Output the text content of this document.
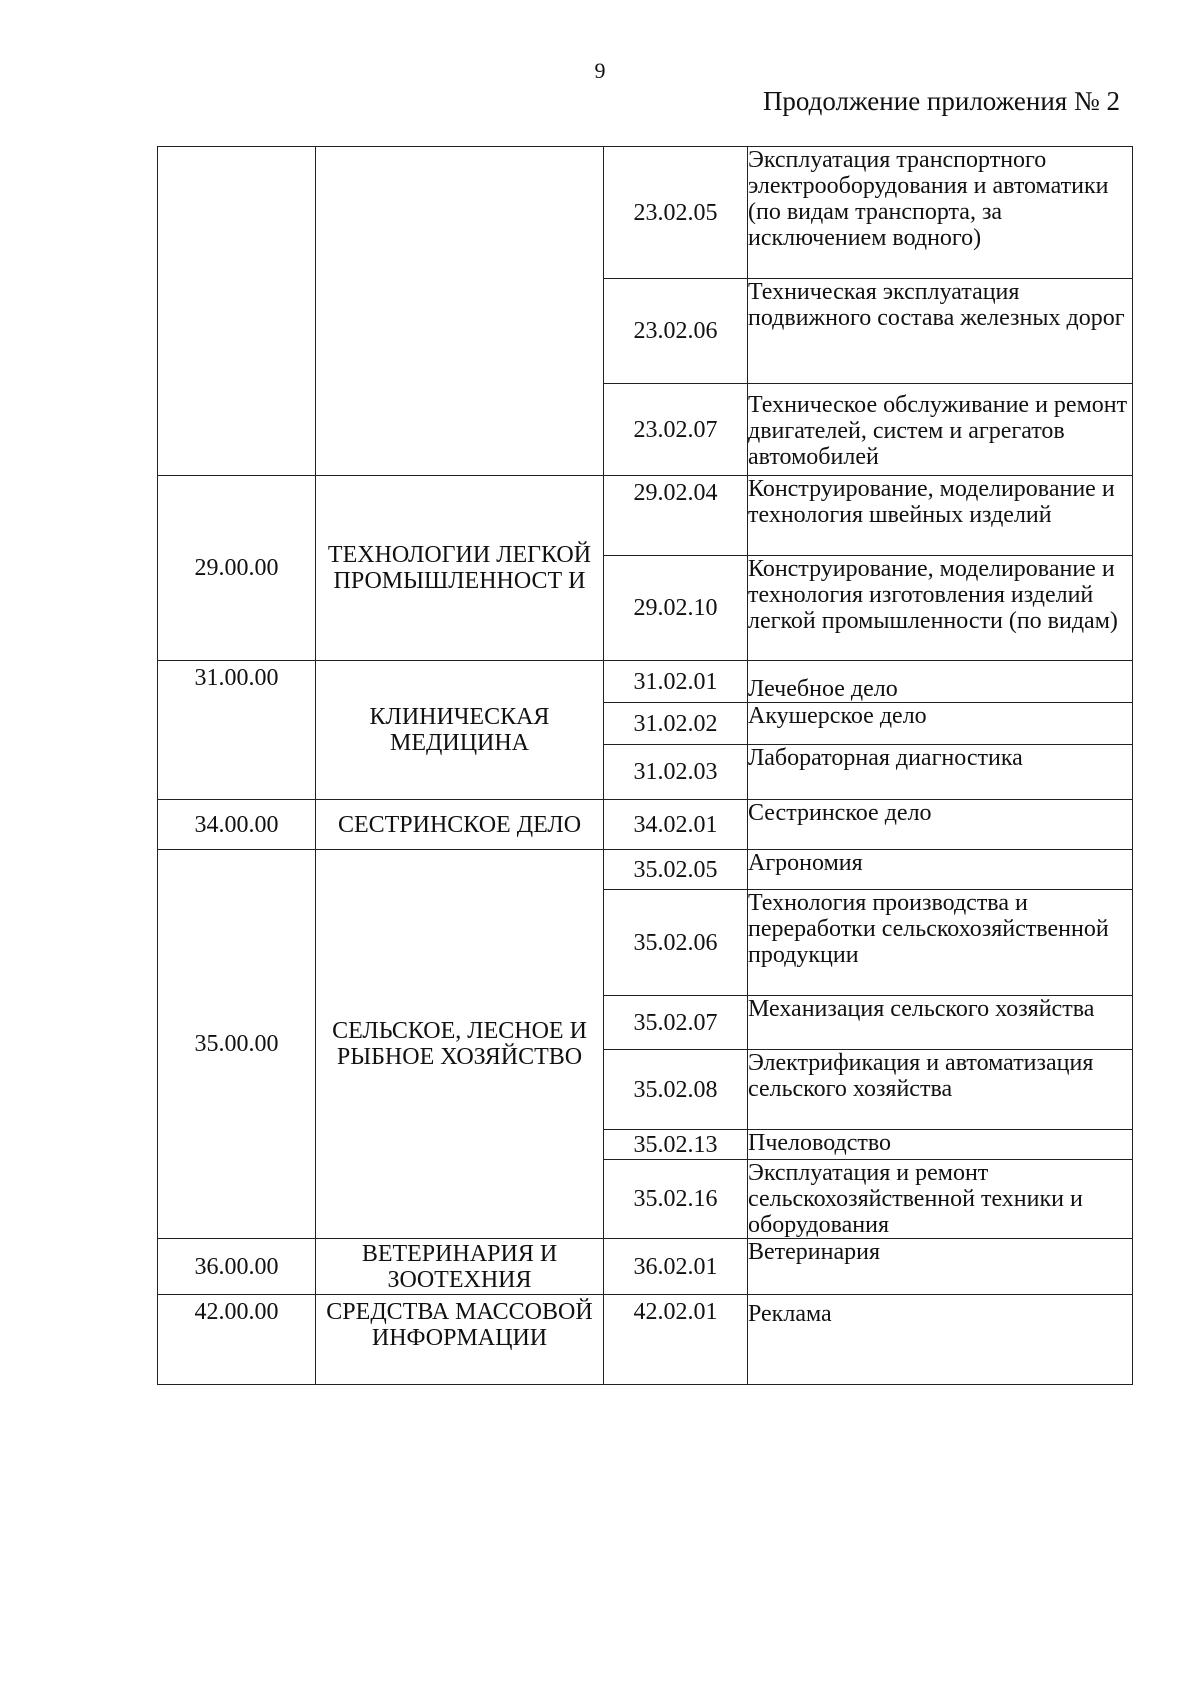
9
Продолжение приложения № 2
		23.02.05	Эксплуатация транспортного электрооборудования и автоматики (по видам транспорта, за исключением водного)
		23.02.06	Техническая эксплуатация подвижного состава железных дорог
		23.02.07	Техническое обслуживание и ремонт двигателей, систем и агрегатов автомобилей
29.00.00	ТЕХНОЛОГИИ ЛЕГКОЙ ПРОМЫШЛЕННОСТ И	29.02.04	Конструирование, моделирование и технология швейных изделий
		29.02.10	Конструирование, моделирование и технология изготовления изделий легкой промышленности (по видам)
31.00.00	КЛИНИЧЕСКАЯ МЕДИЦИНА	31.02.01	Лечебное дело
		31.02.02	Акушерское дело
		31.02.03	Лабораторная диагностика
34.00.00	СЕСТРИНСКОЕ ДЕЛО	34.02.01	Сестринское дело
35.00.00	СЕЛЬСКОЕ, ЛЕСНОЕ И РЫБНОЕ ХОЗЯЙСТВО	35.02.05	Агрономия
		35.02.06	Технология производства и переработки сельскохозяйственной продукции
		35.02.07	Механизация сельского хозяйства
		35.02.08	Электрификация и автоматизация сельского хозяйства
		35.02.13	Пчеловодство
		35.02.16	Эксплуатация и ремонт сельскохозяйственной техники и оборудования
36.00.00	ВЕТЕРИНАРИЯ И ЗООТЕХНИЯ	36.02.01	Ветеринария
42.00.00	СРЕДСТВА МАССОВОЙ ИНФОРМАЦИИ	42.02.01	Реклама
